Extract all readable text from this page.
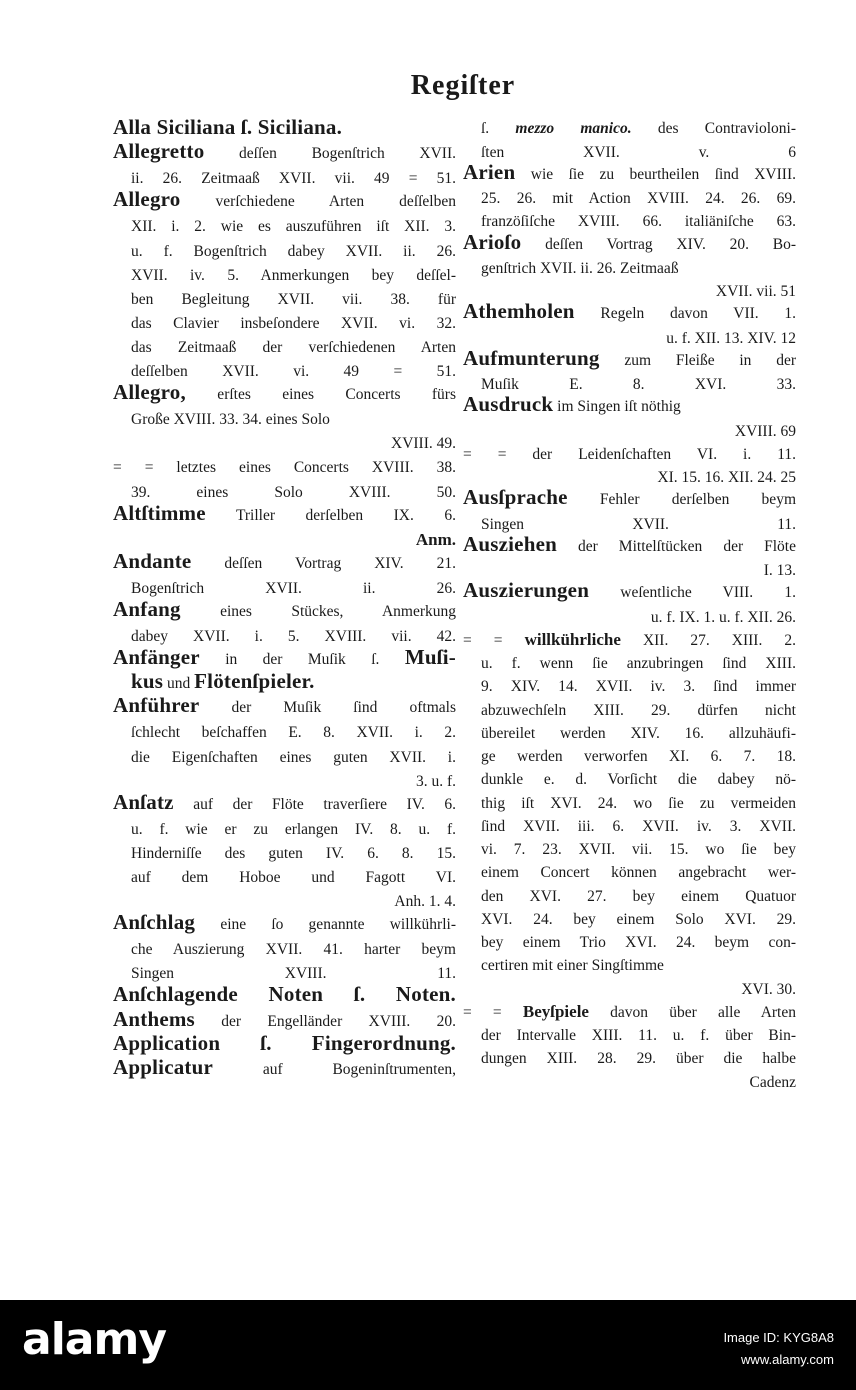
Regiſter
Alla Siciliana ſ. Siciliana.
Allegretto deſſen Bogenſtrich XVII.
ii. 26. Zeitmaaß XVII. vii. 49 = 51.
Allegro verſchiedene Arten deſſelben
XII. i. 2. wie es auszuführen iſt XII. 3.
u. f. Bogenſtrich dabey XVII. ii. 26.
XVII. iv. 5. Anmerkungen bey deſſel-
ben Begleitung XVII. vii. 38. für
das Clavier insbeſondere XVII. vi. 32.
das Zeitmaaß der verſchiedenen Arten
deſſelben XVII. vi. 49 = 51.
Allegro, erſtes eines Concerts fürs
Große XVIII. 33. 34. eines Solo
XVIII. 49.
= = letztes eines Concerts XVIII. 38.
39. eines Solo XVIII. 50.
Altſtimme Triller derſelben IX. 6.
Anm.
Andante deſſen Vortrag XIV. 21.
Bogenſtrich XVII. ii. 26.
Anfang eines Stückes, Anmerkung
dabey XVII. i. 5. XVIII. vii. 42.
Anfänger in der Muſik ſ. Muſi-
kus und Flötenſpieler.
Anführer der Muſik ſind oftmals
ſchlecht beſchaffen E. 8. XVII. i. 2.
die Eigenſchaften eines guten XVII. i.
3. u. f.
Anſatz auf der Flöte traverſiere IV. 6.
u. f. wie er zu erlangen IV. 8. u. f.
Hinderniſſe des guten IV. 6. 8. 15.
auf dem Hoboe und Fagott VI.
Anh. 1. 4.
Anſchlag eine ſo genannte willkührli-
che Auszierung XVII. 41. harter beym
Singen XVIII. 11.
Anſchlagende Noten ſ. Noten.
Anthems der Engelländer XVIII. 20.
Application ſ. Fingerordnung.
Applicatur auf Bogeninſtrumenten,
ſ. mezzo manico. des Contravioloni-
ſten XVII. v. 6
Arien wie ſie zu beurtheilen ſind XVIII.
25. 26. mit Action XVIII. 24. 26. 69.
franzöſiſche XVIII. 66. italiäniſche 63.
Arioſo deſſen Vortrag XIV. 20. Bo-
genſtrich XVII. ii. 26. Zeitmaaß
XVII. vii. 51
Athemholen Regeln davon VII. 1.
u. f. XII. 13. XIV. 12
Aufmunterung zum Fleiße in der
Muſik E. 8. XVI. 33.
Ausdruck im Singen iſt nöthig
XVIII. 69
= = der Leidenſchaften VI. i. 11.
XI. 15. 16. XII. 24. 25
Ausſprache Fehler derſelben beym
Singen XVII. 11.
Ausziehen der Mittelſtücken der Flöte
I. 13.
Auszierungen weſentliche VIII. 1.
u. f. IX. 1. u. f. XII. 26.
= = willkührliche XII. 27. XIII. 2.
u. f. wenn ſie anzubringen ſind XIII.
9. XIV. 14. XVII. iv. 3. ſind immer
abzuwechſeln XIII. 29. dürfen nicht
übereilet werden XIV. 16. allzuhäufi-
ge werden verworfen XI. 6. 7. 18.
dunkle e. d. Vorſicht die dabey nö-
thig iſt XVI. 24. wo ſie zu vermeiden
ſind XVII. iii. 6. XVII. iv. 3. XVII.
vi. 7. 23. XVII. vii. 15. wo ſie bey
einem Concert können angebracht wer-
den XVI. 27. bey einem Quatuor
XVI. 24. bey einem Solo XVI. 29.
bey einem Trio XVI. 24. beym con-
certiren mit einer Singſtimme
XVI. 30.
= = Beyſpiele davon über alle Arten
der Intervalle XIII. 11. u. f. über Bin-
dungen XIII. 28. 29. über die halbe
Cadenz
alamy	Image ID: KYG8A8
www.alamy.com
